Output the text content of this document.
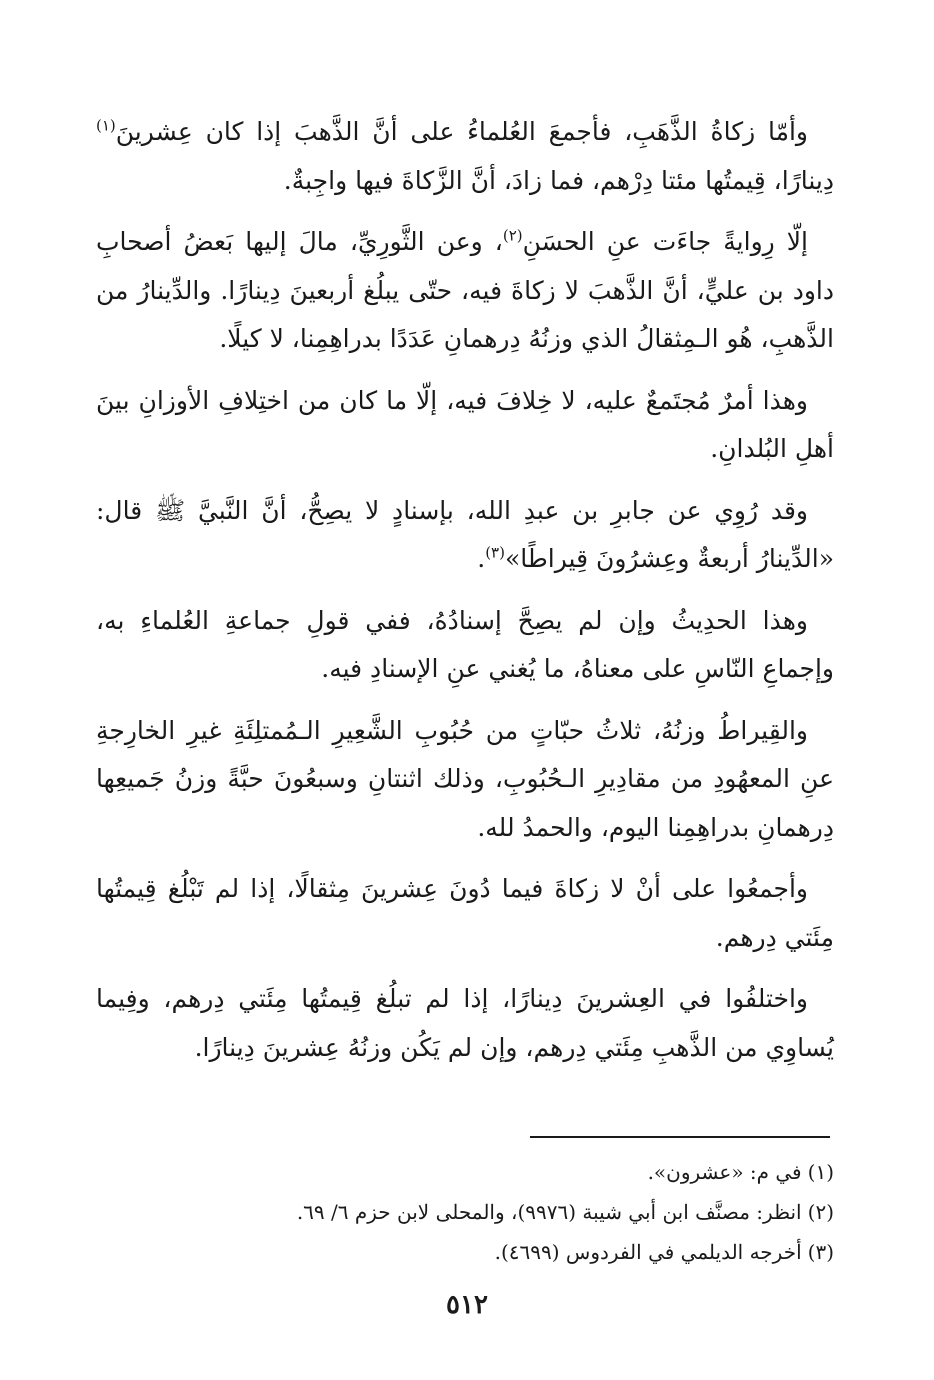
وأمّا زكاةُ الذَّهَبِ، فأجمعَ العُلماءُ على أنَّ الذَّهبَ إذا كان عِشرينَ$^{(١)}$ دِينارًا، قِيمتُها مئتا دِرْهم، فما زادَ، أنَّ الزَّكاةَ فيها واجِبةٌ.

إلّا رِوايةً جاءَت عنِ الحسَنِ$^{(٢)}$، وعن الثَّورِيِّ، مالَ إليها بَعضُ أصحابِ داود بن عليٍّ، أنَّ الذَّهبَ لا زكاةَ فيه، حتّى يبلُغ أربعينَ دِينارًا. والدِّينارُ من الذَّهبِ، هُو الـمِثقالُ الذي وزنُهُ دِرهمانِ عَدَدًا بدراهِمِنا، لا كيلًا.

وهذا أمرٌ مُجتَمعٌ عليه، لا خِلافَ فيه، إلّا ما كان من اختِلافِ الأوزانِ بينَ أهلِ البُلدانِ.

وقد رُوِي عن جابرِ بن عبدِ الله، بإسنادٍ لا يصِحُّ، أنَّ النَّبيَّ ﷺ قال: «الدِّينارُ أربعةٌ وعِشرُونَ قِيراطًا»$^{(٣)}$.

وهذا الحدِيثُ وإن لم يصِحَّ إسنادُهُ، ففي قولِ جماعةِ العُلماءِ به، وإجماعِ النّاسِ على معناهُ، ما يُغني عنِ الإسنادِ فيه.

والقِيراطُ وزنُهُ، ثلاثُ حبّاتٍ من حُبُوبِ الشَّعِيرِ الـمُمتلِئَةِ غيرِ الخارِجةِ عنِ المعهُودِ من مقادِيرِ الـحُبُوبِ، وذلك اثنتانِ وسبعُونَ حبَّةً وزنُ جَميعِها دِرهمانِ بدراهِمِنا اليوم، والحمدُ لله.

وأجمعُوا على أنْ لا زكاةَ فيما دُونَ عِشرينَ مِثقالًا، إذا لم تَبْلُغ قِيمتُها مِئَتي دِرهم.

واختلفُوا في العِشرينَ دِينارًا، إذا لم تبلُغ قِيمتُها مِئَتي دِرهم، وفِيما يُساوِي من الذَّهبِ مِئَتي دِرهم، وإن لم يَكُن وزنُهُ عِشرينَ دِينارًا.

(١)في م: «عشرون».

(٢)انظر: مصنَّف ابن أبي شيبة (٩٩٧٦)، والمحلى لابن حزم ٦/ ٦٩.

(٣)أخرجه الديلمي في الفردوس (٤٦٩٩).

٥١٢
